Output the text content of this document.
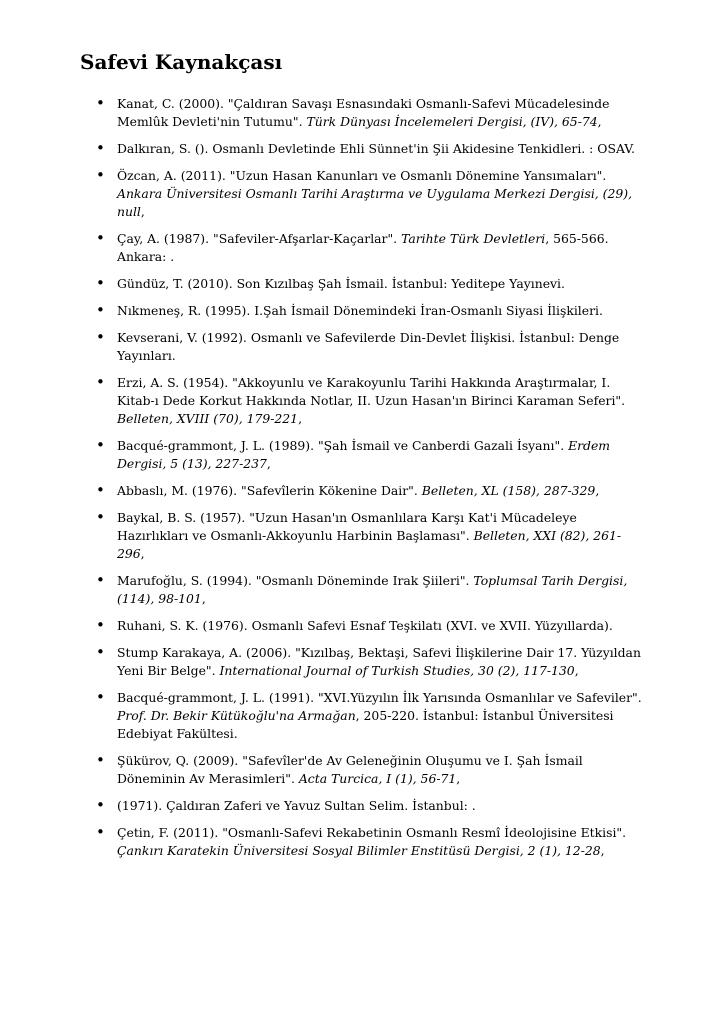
Safevi Kaynakçası
• Kanat, C. (2000). "Çaldıran Savaşı Esnasındaki Osmanlı-Safevi Mücadelesinde Memlûk Devleti'nin Tutumu". Türk Dünyası İncelemeleri Dergisi, (IV), 65-74,
• Dalkıran, S. (). Osmanlı Devletinde Ehli Sünnet'in Şii Akidesine Tenkidleri. : OSAV.
• Özcan, A. (2011). "Uzun Hasan Kanunları ve Osmanlı Dönemine Yansımaları". Ankara Üniversitesi Osmanlı Tarihi Araştırma ve Uygulama Merkezi Dergisi, (29), null,
• Çay, A. (1987). "Safeviler-Afşarlar-Kaçarlar". Tarihte Türk Devletleri, 565-566. Ankara: .
• Gündüz, T. (2010). Son Kızılbaş Şah İsmail. İstanbul: Yeditepe Yayınevi.
• Nıkmeneş, R. (1995). I.Şah İsmail Dönemindeki İran-Osmanlı Siyasi İlişkileri.
• Kevserani, V. (1992). Osmanlı ve Safevilerde Din-Devlet İlişkisi. İstanbul: Denge Yayınları.
• Erzi, A. S. (1954). "Akkoyunlu ve Karakoyunlu Tarihi Hakkında Araştırmalar, I. Kitab-ı Dede Korkut Hakkında Notlar, II. Uzun Hasan'ın Birinci Karaman Seferi". Belleten, XVIII (70), 179-221,
• Bacqué-grammont, J. L. (1989). "Şah İsmail ve Canberdi Gazali İsyanı". Erdem Dergisi, 5 (13), 227-237,
• Abbaslı, M. (1976). "Safevîlerin Kökenine Dair". Belleten, XL (158), 287-329,
• Baykal, B. S. (1957). "Uzun Hasan'ın Osmanlılara Karşı Kat'i Mücadeleye Hazırlıkları ve Osmanlı-Akkoyunlu Harbinin Başlaması". Belleten, XXI (82), 261-296,
• Marufoğlu, S. (1994). "Osmanlı Döneminde Irak Şiileri". Toplumsal Tarih Dergisi, (114), 98-101,
• Ruhani, S. K. (1976). Osmanlı Safevi Esnaf Teşkilatı (XVI. ve XVII. Yüzyıllarda).
• Stump Karakaya, A. (2006). "Kızılbaş, Bektaşi, Safevi İlişkilerine Dair 17. Yüzyıldan Yeni Bir Belge". International Journal of Turkish Studies, 30 (2), 117-130,
• Bacqué-grammont, J. L. (1991). "XVI.Yüzyılın İlk Yarısında Osmanlılar ve Safeviler". Prof. Dr. Bekir Kütükoğlu'na Armağan, 205-220. İstanbul: İstanbul Üniversitesi Edebiyat Fakültesi.
• Şükürov, Q. (2009). "Safevîler'de Av Geleneğinin Oluşumu ve I. Şah İsmail Döneminin Av Merasimleri". Acta Turcica, I (1), 56-71,
• (1971). Çaldıran Zaferi ve Yavuz Sultan Selim. İstanbul: .
• Çetin, F. (2011). "Osmanlı-Safevi Rekabetinin Osmanlı Resmî İdeolojisine Etkisi". Çankırı Karatekin Üniversitesi Sosyal Bilimler Enstitüsü Dergisi, 2 (1), 12-28,
